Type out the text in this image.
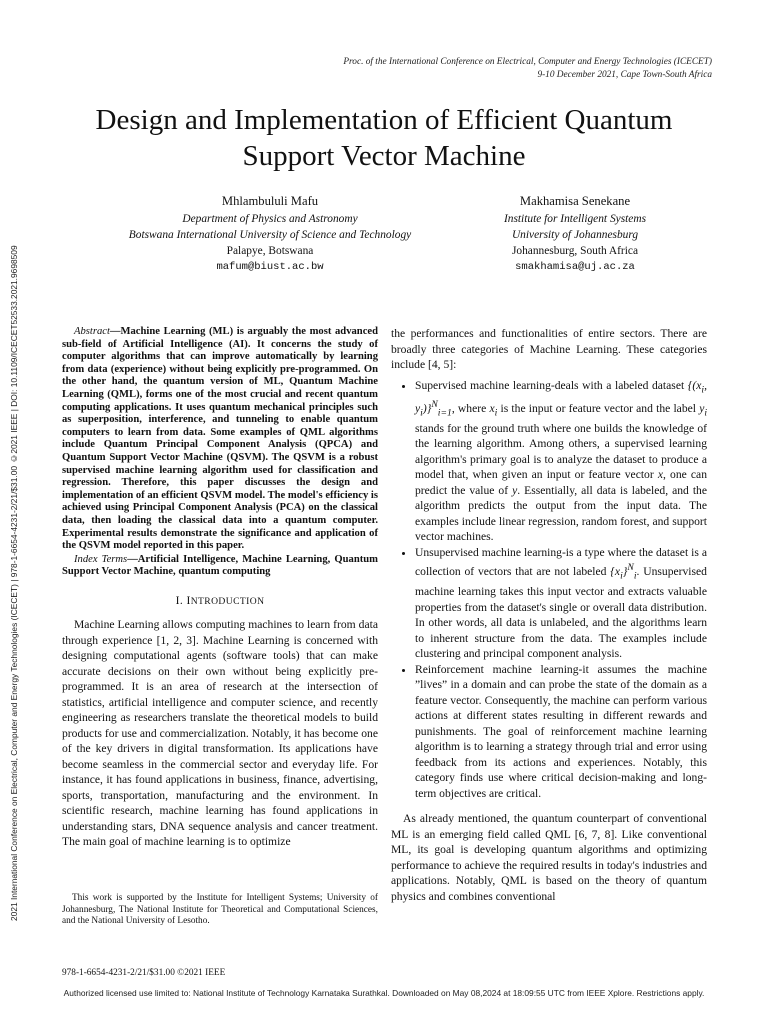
2021 International Conference on Electrical, Computer and Energy Technologies (ICECET) | 978-1-6654-4231-2/21/$31.00 ©2021 IEEE | DOI: 10.1109/ICECET52533.2021.9698509
Proc. of the International Conference on Electrical, Computer and Energy Technologies (ICECET)
9-10 December 2021, Cape Town-South Africa
Design and Implementation of Efficient Quantum
Support Vector Machine
Mhlambululi Mafu
Department of Physics and Astronomy
Botswana International University of Science and Technology
Palapye, Botswana
mafum@biust.ac.bw
Makhamisa Senekane
Institute for Intelligent Systems
University of Johannesburg
Johannesburg, South Africa
smakhamisa@uj.ac.za

Abstract—Machine Learning (ML) is arguably the most advanced sub-field of Artificial Intelligence (AI). It concerns the study of computer algorithms that can improve automatically by learning from data (experience) without being explicitly pre-programmed. On the other hand, the quantum version of ML, Quantum Machine Learning (QML), forms one of the most crucial and recent quantum computing applications. It uses quantum mechanical principles such as superposition, interference, and tunneling to enable quantum computers to learn from data. Some examples of QML algorithms include Quantum Principal Component Analysis (QPCA) and Quantum Support Vector Machine (QSVM). The QSVM is a robust supervised machine learning algorithm used for classification and regression. Therefore, this paper discusses the design and implementation of an efficient QSVM model. The model's efficiency is achieved using Principal Component Analysis (PCA) on the classical data, then loading the classical data into a quantum computer. Experimental results demonstrate the significance and application of the QSVM model reported in this paper.

Index Terms—Artificial Intelligence, Machine Learning, Quantum Support Vector Machine, quantum computing

I. INTRODUCTION

Machine Learning allows computing machines to learn from data through experience [1, 2, 3]. Machine Learning is concerned with designing computational agents (software tools) that can make accurate decisions on their own without being explicitly pre-programmed. It is an area of research at the intersection of statistics, artificial intelligence and computer science, and recently engineering as researchers translate the theoretical models to build products for use and commercialization. Notably, it has become one of the key drivers in digital transformation. Its applications have become seamless in the commercial sector and everyday life. For instance, it has found applications in business, finance, advertising, sports, transportation, manufacturing and the environment. In scientific research, machine learning has found applications in understanding stars, DNA sequence analysis and cancer treatment. The main goal of machine learning is to optimize

This work is supported by the Institute for Intelligent Systems; University of Johannesburg, The National Institute for Theoretical and Computational Sciences, and the National University of Lesotho.
978-1-6654-4231-2/21/$31.00 ©2021 IEEE

the performances and functionalities of entire sectors. There are broadly three categories of Machine Learning. These categories include [4, 5]:

• Supervised machine learning-deals with a labeled dataset {($x_i$, $y_i)\}^N_{i=1}$, where $x_i$ is the input or feature vector and the label $y_i$ stands for the ground truth where one builds the knowledge of the learning algorithm. Among others, a supervised learning algorithm's primary goal is to analyze the dataset to produce a model that, when given an input or feature vector x, one can predict the value of y. Essentially, all data is labeled, and the algorithm predicts the output from the input data. The examples include linear regression, random forest, and support vector machines.
• Unsupervised machine learning-is a type where the dataset is a collection of vectors that are not labeled $\{x_i\}^N_i$. Unsupervised machine learning takes this input vector and extracts valuable properties from the dataset's single or overall data distribution. In other words, all data is unlabeled, and the algorithms learn to inherent structure from the data. The examples include clustering and principal component analysis.
• Reinforcement machine learning-it assumes the machine ”lives” in a domain and can probe the state of the domain as a feature vector. Consequently, the machine can perform various actions at different states resulting in different rewards and punishments. The goal of reinforcement machine learning algorithm is to learning a strategy through trial and error using feedback from its actions and experiences. Notably, this category finds use where critical decision-making and long-term objectives are critical.

As already mentioned, the quantum counterpart of conventional ML is an emerging field called QML [6, 7, 8]. Like conventional ML, its goal is developing quantum algorithms and optimizing performance to achieve the required results in today's industries and applications. Notably, QML is based on the theory of quantum physics and combines conventional

Authorized licensed use limited to: National Institute of Technology Karnataka Surathkal. Downloaded on May 08,2024 at 18:09:55 UTC from IEEE Xplore. Restrictions apply.
